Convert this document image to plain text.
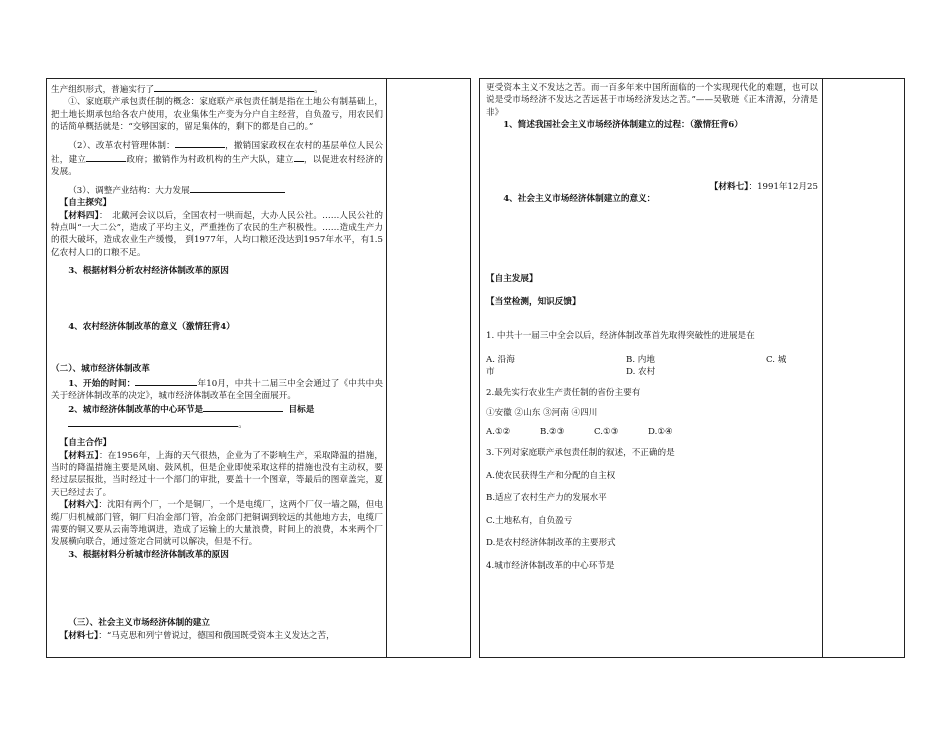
生产组织形式，普遍实行了	。

①、家庭联产承包责任制的概念：家庭联产承包责任制是指在土地公有制基础上，把土地长期承包给各农户使用，农业集体生产变为分户自主经营，自负盈亏，用农民们的话简单概括就是：“交够国家的，留足集体的，剩下的都是自己的。”

（2）、改革农村管理体制：	，撤销国家政权在农村的基层单位人民公社，建立	政府；撤销作为村政机构的生产大队，建立 ，以促进农村经济的发展。

（3）、调整产业结构：大力发展

【自主探究】

【材料四】：　北戴河会议以后，全国农村一哄而起，大办人民公社。……人民公社的特点叫“一大二公”，造成了平均主义，严重挫伤了农民的生产积极性。……造成生产力的很大破坏，造成农业生产缓慢， 到1977年，人均口粮还没达到1957年水平，有1.5亿农村人口的口粮不足。

3、根据材料分析农村经济体制改革的原因

4、农村经济体制改革的意义（激情狂背4）

（二）、城市经济体制改革

1、开始的时间：	年10月，中共十二届三中全会通过了《中共中央关于经济体制改革的决定》，城市经济体制改革在全国全面展开。

2、城市经济体制改革的中心环节是	目标是

。

【自主合作】

【材料五】：在1956年，上海的天气很热，企业为了不影响生产，采取降温的措施，当时的降温措施主要是风扇、鼓风机，但是企业即使采取这样的措施也没有主动权，要经过层层报批，当时经过十一个部门的审批，要盖十一个图章，等最后的图章盖完，夏天已经过去了。

【材料六】：沈阳有两个厂，一个是铜厂，一个是电缆厂，这两个厂仅一墙之隔，但电缆厂归机械部门管，铜厂归冶金部门管，冶金部门把铜调到较远的其他地方去，电缆厂需要的铜又要从云南等地调进，造成了运输上的大量浪费，时间上的浪费，本来两个厂发展横向联合，通过签定合同就可以解决，但是不行。

3、根据材料分析城市经济体制改革的原因

（三）、社会主义市场经济体制的建立

【材料七】：“马克思和列宁曾说过，德国和俄国既受资本主义发达之苦，

更受资本主义不发达之苦。而一百多年来中国所面临的一个实现现代化的难题，也可以说是受市场经济不发达之苦远甚于市场经济发达之苦。”——吴敬琏《正本清源，分清是非》

1、简述我国社会主义市场经济体制建立的过程：（激情狂背6）

【材料七】：1991年12月25

4、社会主义市场经济体制建立的意义：

【自主发展】

【当堂检测，知识反馈】

1. 中共十一届三中全会以后，经济体制改革首先取得突破性的进展是在

A. 沿海	B. 内地	C. 城
市	D. 农村

2.最先实行农业生产责任制的省份主要有

①安徽 ②山东 ③河南 ④四川

A.①②	B.②③	C.①③	D.①④

3.下列对家庭联产承包责任制的叙述，不正确的是

A.使农民获得生产和分配的自主权

B.适应了农村生产力的发展水平

C.土地私有，自负盈亏

D.是农村经济体制改革的主要形式

4.城市经济体制改革的中心环节是
